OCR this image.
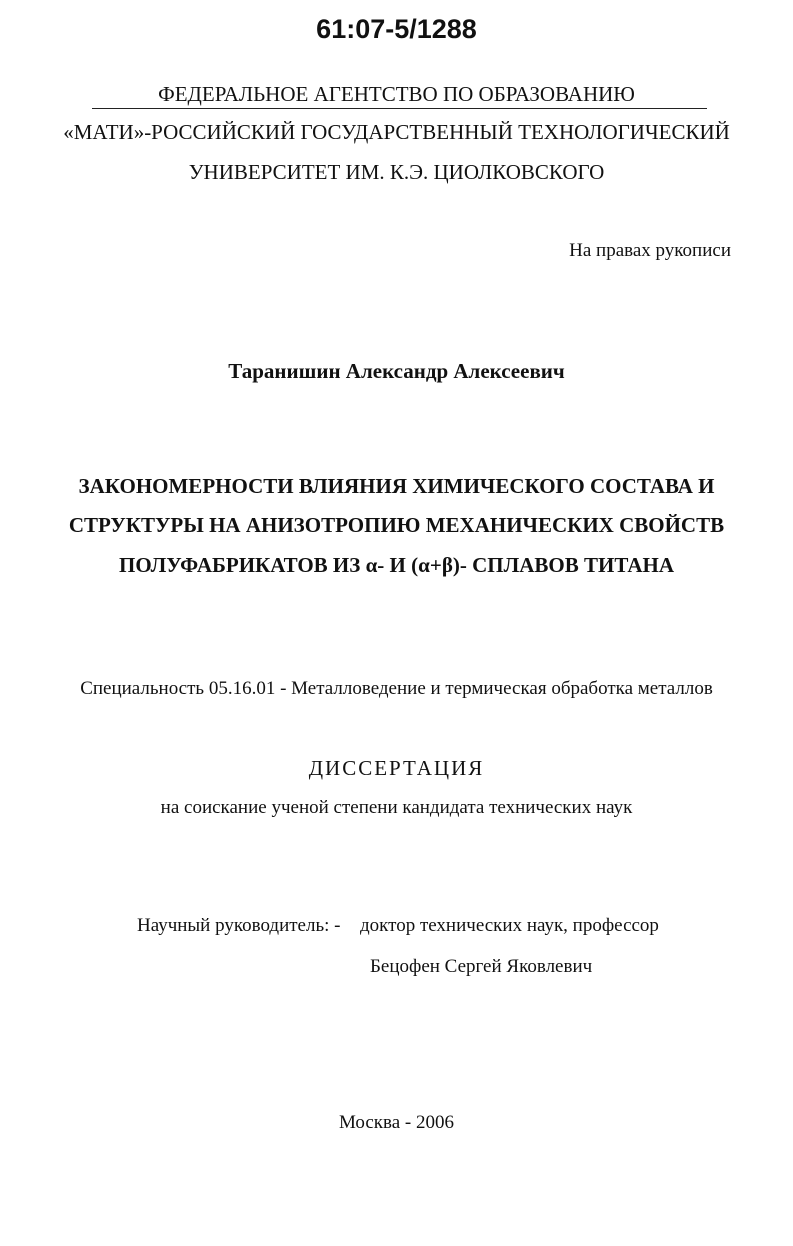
61:07-5/1288
ФЕДЕРАЛЬНОЕ АГЕНТСТВО ПО ОБРАЗОВАНИЮ
«МАТИ»-РОССИЙСКИЙ ГОСУДАРСТВЕННЫЙ ТЕХНОЛОГИЧЕСКИЙ
УНИВЕРСИТЕТ ИМ. К.Э. ЦИОЛКОВСКОГО
На правах рукописи
Таранишин Александр Алексеевич
ЗАКОНОМЕРНОСТИ ВЛИЯНИЯ ХИМИЧЕСКОГО СОСТАВА И
СТРУКТУРЫ НА АНИЗОТРОПИЮ МЕХАНИЧЕСКИХ СВОЙСТВ
ПОЛУФАБРИКАТОВ ИЗ α- И (α+β)- СПЛАВОВ ТИТАНА
Специальность 05.16.01 - Металловедение и термическая обработка металлов
ДИССЕРТАЦИЯ
на соискание ученой степени кандидата технических наук
Научный руководитель: - доктор технических наук, профессор
Бецофен Сергей Яковлевич
Москва - 2006
